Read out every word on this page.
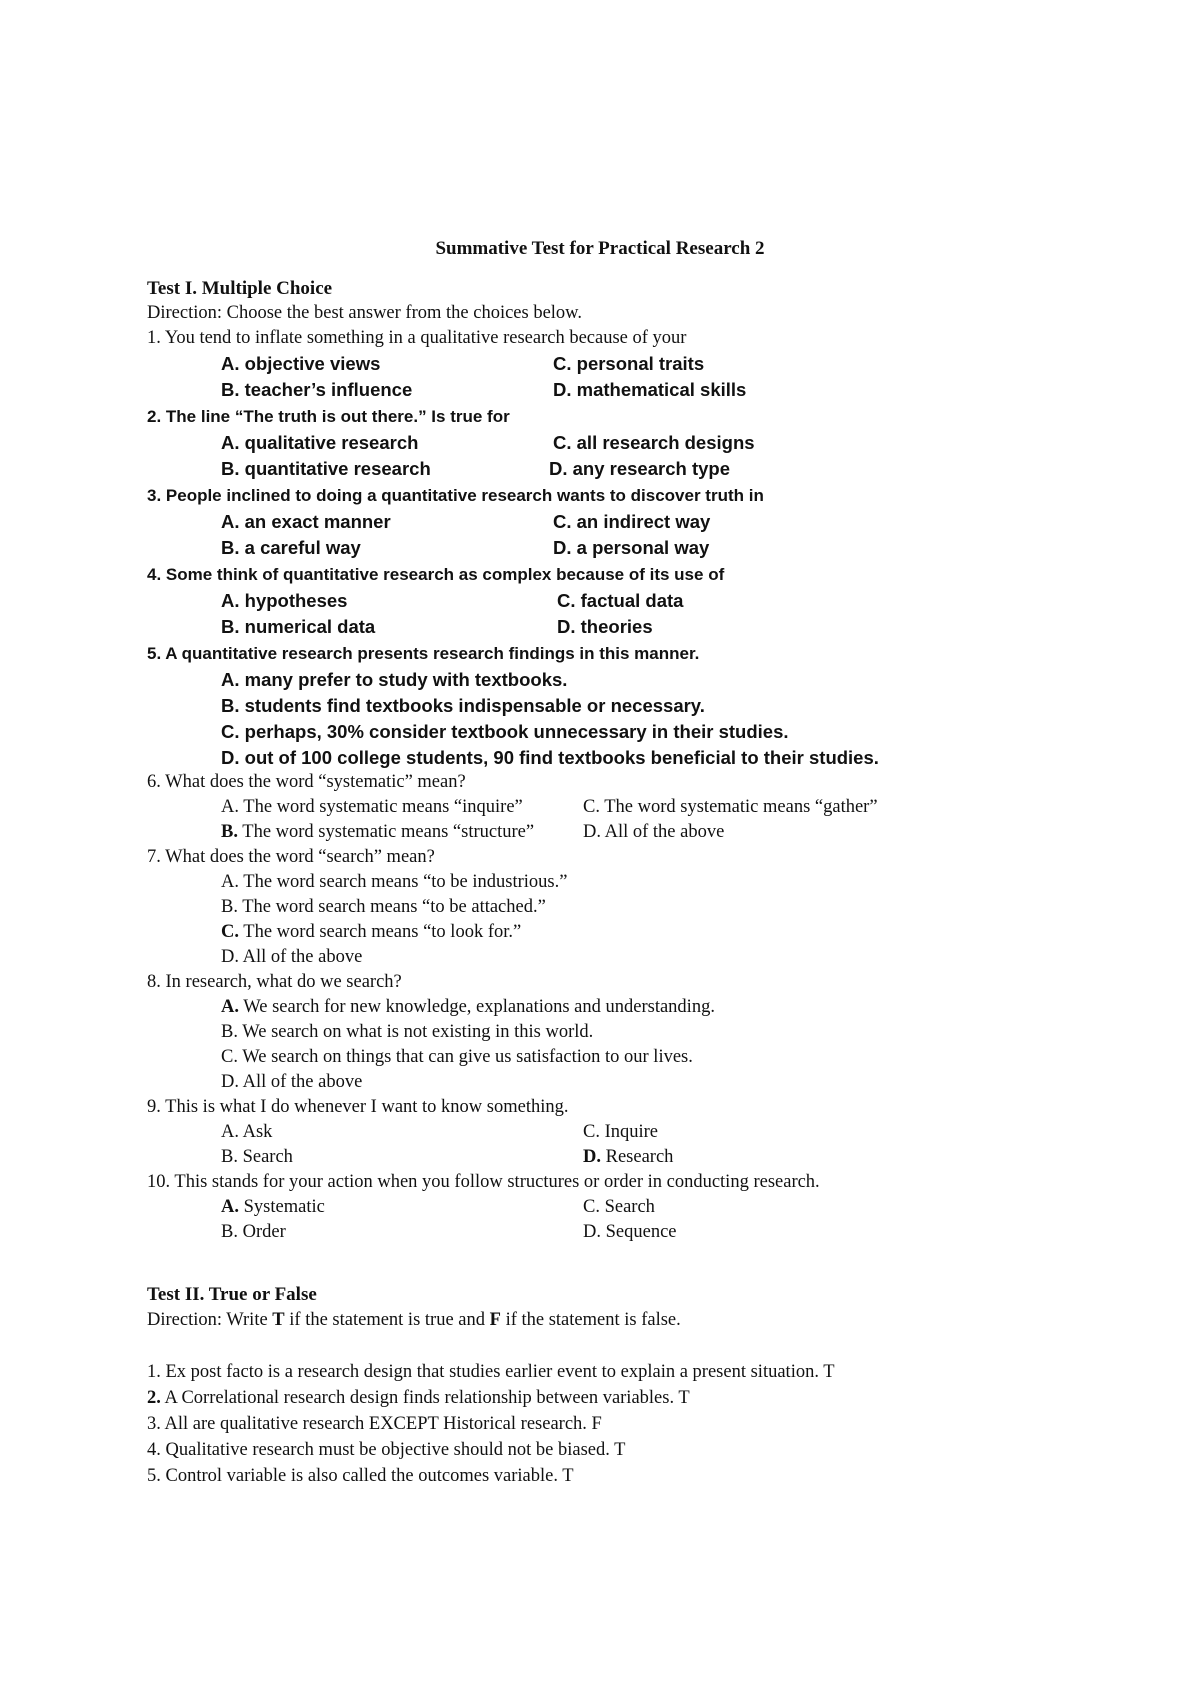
Summative Test for Practical Research 2
Test I. Multiple Choice
Direction: Choose the best answer from the choices below.
1. You tend to inflate something in a qualitative research because of your
A. objective views	C. personal traits
B. teacher’s influence	D. mathematical skills
2. The line “The truth is out there.” Is true for
A. qualitative research	C. all research designs
B. quantitative research	D. any research type
3. People inclined to doing a quantitative research wants to discover truth in
A. an exact manner	C. an indirect way
B. a careful way	D. a personal way
4. Some think of quantitative research as complex because of its use of
A. hypotheses	C. factual data
B. numerical data	D. theories
5. A quantitative research presents research findings in this manner.
A. many prefer to study with textbooks.
B. students find textbooks indispensable or necessary.
C. perhaps, 30% consider textbook unnecessary in their studies.
D. out of 100 college students, 90 find textbooks beneficial to their studies.
6. What does the word “systematic” mean?
A. The word systematic means “inquire”	C. The word systematic means “gather”
B. The word systematic means “structure”	D. All of the above
7. What does the word “search” mean?
A. The word search means “to be industrious.”
B. The word search means “to be attached.”
C. The word search means “to look for.”
D. All of the above
8. In research, what do we search?
A. We search for new knowledge, explanations and understanding.
B. We search on what is not existing in this world.
C. We search on things that can give us satisfaction to our lives.
D. All of the above
9. This is what I do whenever I want to know something.
A. Ask	C. Inquire
B. Search	D. Research
10. This stands for your action when you follow structures or order in conducting research.
A. Systematic	C. Search
B. Order	D. Sequence
Test II. True or False
Direction: Write T if the statement is true and F if the statement is false.
1. Ex post facto is a research design that studies earlier event to explain a present situation. T
2. A Correlational research design finds relationship between variables. T
3. All are qualitative research EXCEPT Historical research. F
4. Qualitative research must be objective should not be biased. T
5. Control variable is also called the outcomes variable. T
